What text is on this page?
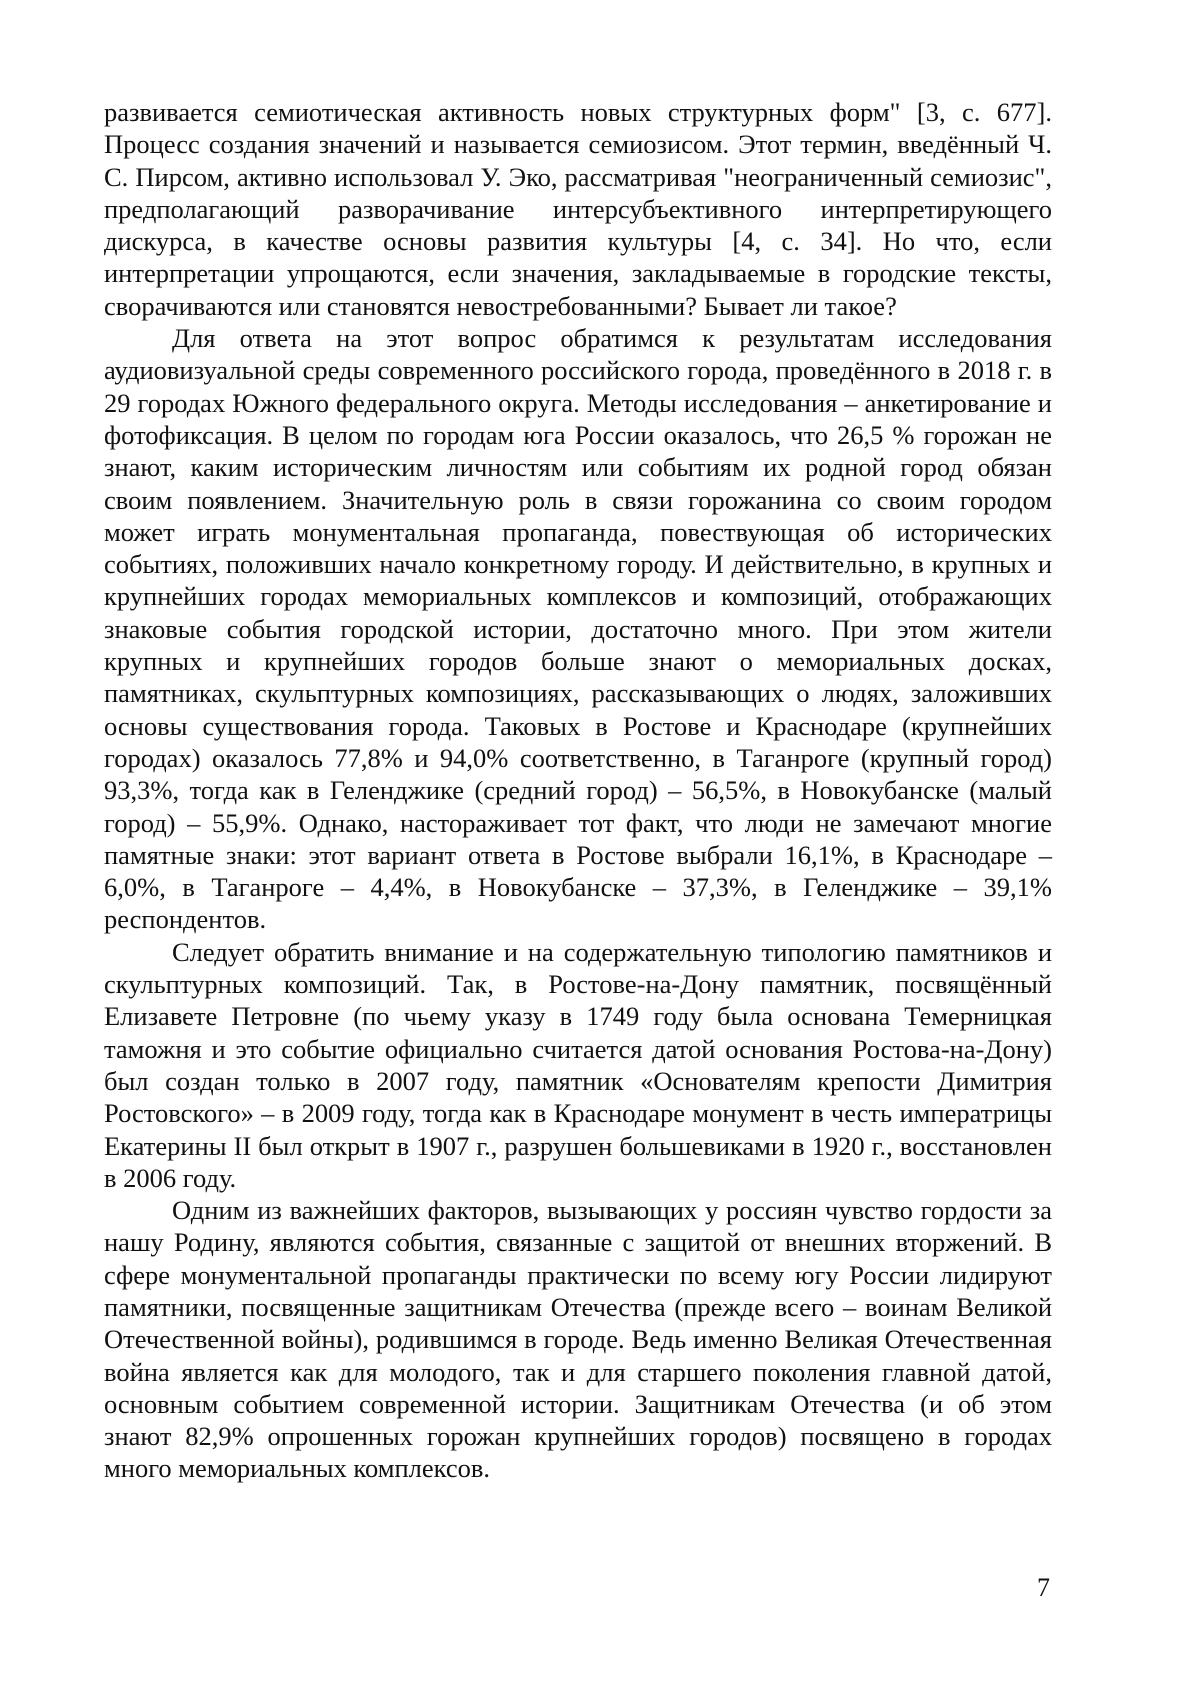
развивается семиотическая активность новых структурных форм" [3, с. 677]. Процесс создания значений и называется семиозисом. Этот термин, введённый Ч. С. Пирсом, активно использовал У. Эко, рассматривая "неограниченный семиозис", предполагающий разворачивание интерсубъективного интерпретирующего дискурса, в качестве основы развития культуры [4, с. 34]. Но что, если интерпретации упрощаются, если значения, закладываемые в городские тексты, сворачиваются или становятся невостребованными? Бывает ли такое?

Для ответа на этот вопрос обратимся к результатам исследования аудиовизуальной среды современного российского города, проведённого в 2018 г. в 29 городах Южного федерального округа. Методы исследования – анкетирование и фотофиксация. В целом по городам юга России оказалось, что 26,5 % горожан не знают, каким историческим личностям или событиям их родной город обязан своим появлением. Значительную роль в связи горожанина со своим городом может играть монументальная пропаганда, повествующая об исторических событиях, положивших начало конкретному городу. И действительно, в крупных и крупнейших городах мемориальных комплексов и композиций, отображающих знаковые события городской истории, достаточно много. При этом жители крупных и крупнейших городов больше знают о мемориальных досках, памятниках, скульптурных композициях, рассказывающих о людях, заложивших основы существования города. Таковых в Ростове и Краснодаре (крупнейших городах) оказалось 77,8% и 94,0% соответственно, в Таганроге (крупный город) 93,3%, тогда как в Геленджике (средний город) – 56,5%, в Новокубанске (малый город) – 55,9%. Однако, настораживает тот факт, что люди не замечают многие памятные знаки: этот вариант ответа в Ростове выбрали 16,1%, в Краснодаре – 6,0%, в Таганроге – 4,4%, в Новокубанске – 37,3%, в Геленджике – 39,1% респондентов.

Следует обратить внимание и на содержательную типологию памятников и скульптурных композиций. Так, в Ростове-на-Дону памятник, посвящённый Елизавете Петровне (по чьему указу в 1749 году была основана Темерницкая таможня и это событие официально считается датой основания Ростова-на-Дону) был создан только в 2007 году, памятник «Основателям крепости Димитрия Ростовского» – в 2009 году, тогда как в Краснодаре монумент в честь императрицы Екатерины II был открыт в 1907 г., разрушен большевиками в 1920 г., восстановлен в 2006 году.

Одним из важнейших факторов, вызывающих у россиян чувство гордости за нашу Родину, являются события, связанные с защитой от внешних вторжений. В сфере монументальной пропаганды практически по всему югу России лидируют памятники, посвященные защитникам Отечества (прежде всего – воинам Великой Отечественной войны), родившимся в городе. Ведь именно Великая Отечественная война является как для молодого, так и для старшего поколения главной датой, основным событием современной истории. Защитникам Отечества (и об этом знают 82,9% опрошенных горожан крупнейших городов) посвящено в городах много мемориальных комплексов.

7
